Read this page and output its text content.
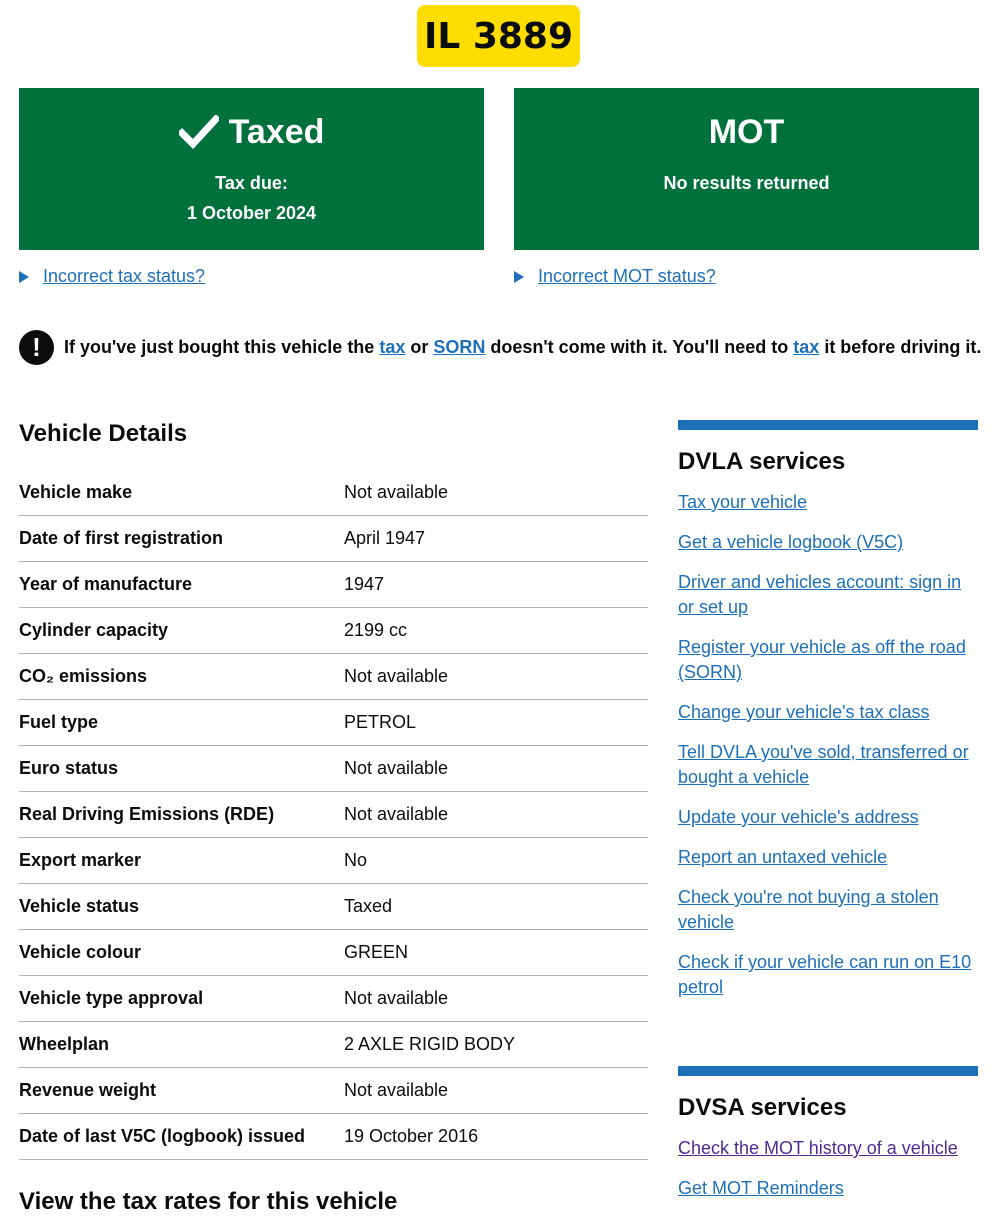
IL 3889
Taxed
Tax due:
1 October 2024
MOT
No results returned
Incorrect tax status?	Incorrect MOT status?
!	If you've just bought this vehicle the tax or SORN doesn't come with it. You'll need to tax it before driving it.
Vehicle Details
Vehicle make	Not available
Date of first registration	April 1947
Year of manufacture	1947
Cylinder capacity	2199 cc
CO₂ emissions	Not available
Fuel type	PETROL
Euro status	Not available
Real Driving Emissions (RDE)	Not available
Export marker	No
Vehicle status	Taxed
Vehicle colour	GREEN
Vehicle type approval	Not available
Wheelplan	2 AXLE RIGID BODY
Revenue weight	Not available
Date of last V5C (logbook) issued	19 October 2016
View the tax rates for this vehicle
DVLA services
Tax your vehicle
Get a vehicle logbook (V5C)
Driver and vehicles account: sign in or set up
Register your vehicle as off the road (SORN)
Change your vehicle's tax class
Tell DVLA you've sold, transferred or bought a vehicle
Update your vehicle's address
Report an untaxed vehicle
Check you're not buying a stolen vehicle
Check if your vehicle can run on E10 petrol
DVSA services
Check the MOT history of a vehicle
Get MOT Reminders
